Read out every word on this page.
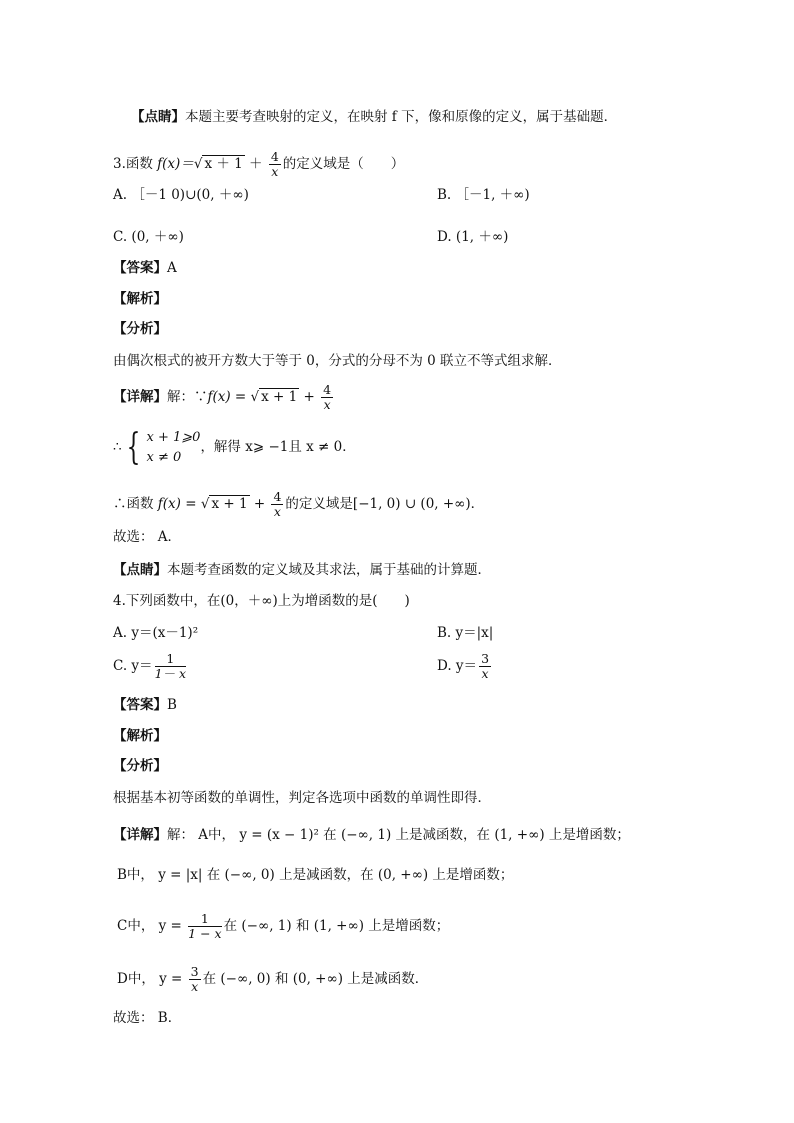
【点睛】本题主要考查映射的定义，在映射 f 下，像和原像的定义，属于基础题．
3.函数 f(x)＝√ $x + 1 + \frac{4}{x}$ 的定义域是（　　）
A. ［－1 0)∪(0, ＋∞)	B. ［－1, ＋∞)
C. (0, ＋∞)	D. (1, ＋∞)
【答案】A
【解析】
【分析】
由偶次根式的被开方数大于等于 0，分式的分母不为 0 联立不等式组求解．
【详解】解：∵f(x) = √ $x + 1 + \frac{4}{x}$
∴ { x + 1⩾0
x ≠ 0
，解得 x⩾ −1且 x ≠ 0．
∴函数 f(x) = √ $x + 1 + \frac{4}{x}$ 的定义域是[−1, 0) ∪ (0, +∞)．
故选： A．
【点睛】本题考查函数的定义域及其求法，属于基础的计算题．
4.下列函数中，在(0，＋∞)上为增函数的是(　　)
A. y＝(x－1)²	B. y＝|x|
C. $y= \frac{1}{1- x}$	D. $y= \frac{3}{x}$
【答案】B
【解析】
【分析】
根据基本初等函数的单调性，判定各选项中函数的单调性即得．
【详解】解： A中， y = (x − 1)² 在 (−∞, 1) 上是减函数，在 (1, +∞) 上是增函数；
B中， y = |x| 在 (−∞, 0) 上是减函数，在 (0, +∞) 上是增函数；
C中， $y = \frac{1}{1 - x}$ 在 (−∞, 1) 和 (1, +∞) 上是增函数；
D中， $y = \frac{3}{x}$ 在 (−∞, 0) 和 (0, +∞) 上是减函数．
故选： B．
